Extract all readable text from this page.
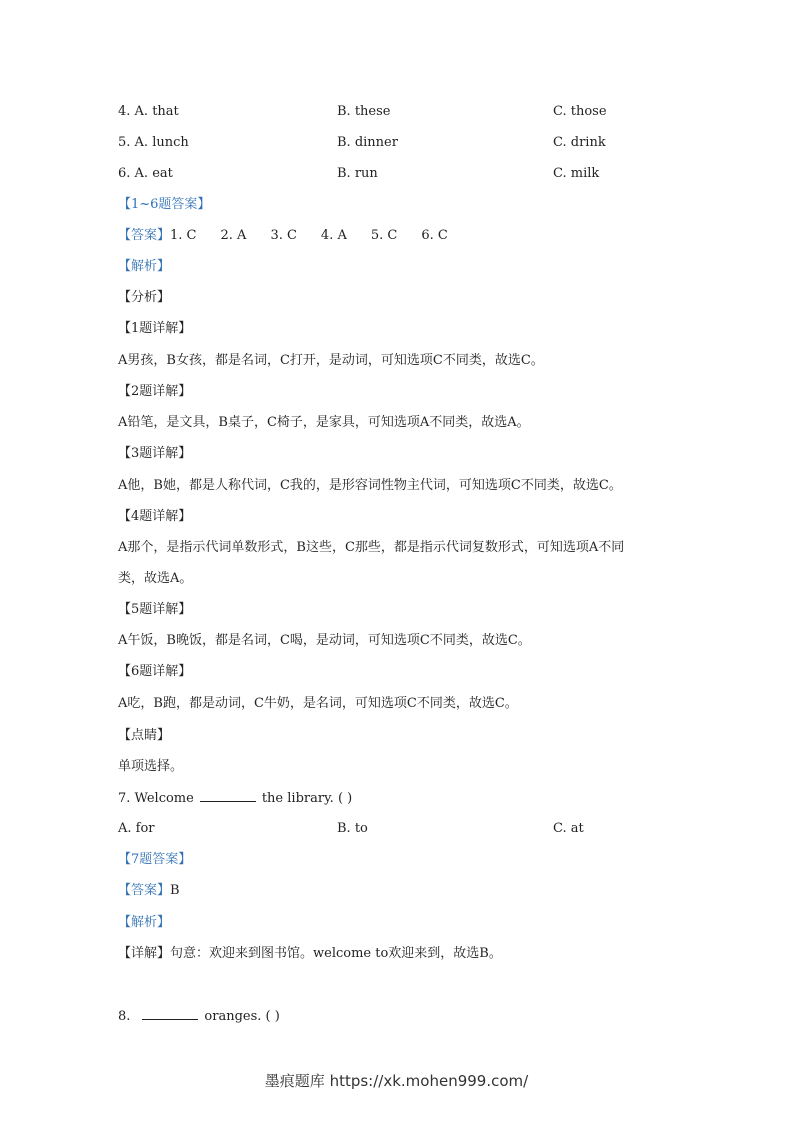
4. A. that	B. these	C. those
5. A. lunch	B. dinner	C. drink
6. A. eat	B. run	C. milk
【1~6题答案】
【答案】1. C 2. A 3. C 4. A 5. C 6. C
【解析】
【分析】
【1题详解】
A男孩，B女孩，都是名词，C打开，是动词，可知选项C不同类，故选C。
【2题详解】
A铅笔，是文具，B桌子，C椅子，是家具，可知选项A不同类，故选A。
【3题详解】
A他，B她，都是人称代词，C我的，是形容词性物主代词，可知选项C不同类，故选C。
【4题详解】
A那个，是指示代词单数形式，B这些，C那些，都是指示代词复数形式，可知选项A不同
类，故选A。
【5题详解】
A午饭，B晚饭，都是名词，C喝，是动词，可知选项C不同类，故选C。
【6题详解】
A吃，B跑，都是动词，C牛奶，是名词，可知选项C不同类，故选C。
【点睛】
单项选择。
7. Welcome	the library. ( )
A. for	B. to	C. at
【7题答案】
【答案】B
【解析】
【详解】句意：欢迎来到图书馆。welcome to欢迎来到，故选B。
8.	oranges. ( )
墨痕题库 https://xk.mohen999.com/
